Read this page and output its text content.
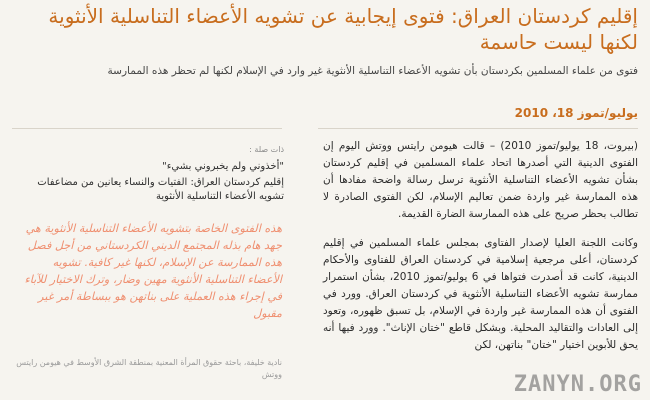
إقليم كردستان العراق: فتوى إيجابية عن تشويه الأعضاء التناسلية الأنثوية لكنها ليست حاسمة
فتوى من علماء المسلمين بكردستان بأن تشويه الأعضاء التناسلية الأنثوية غير وارد في الإسلام لكنها لم تحظر هذه الممارسة
يوليو/تموز 18، 2010

(بيروت، 18 يوليو/تموز 2010) – قالت هيومن رايتس ووتش اليوم إن الفتوى الدينية التي أصدرها اتحاد علماء المسلمين في إقليم كردستان بشأن تشويه الأعضاء التناسلية الأنثوية ترسل رسالة واضحة مفادها أن هذه الممارسة غير واردة ضمن تعاليم الإسلام، لكن الفتوى الصادرة لا تطالب بحظر صريح على هذه الممارسة الضارة القديمة.

وكانت اللجنة العليا لإصدار الفتاوى بمجلس علماء المسلمين في إقليم كردستان، أعلى مرجعية إسلامية في كردستان العراق للفتاوى والأحكام الدينية، كانت قد أصدرت فتواها في 6 يوليو/تموز 2010، بشأن استمرار ممارسة تشويه الأعضاء التناسلية الأنثوية في كردستان العراق. وورد في الفتوى أن هذه الممارسة غير واردة في الإسلام، بل تسبق ظهوره، وتعود إلى العادات والتقاليد المحلية. وبشكل قاطع "ختان الإناث". وورد فيها أنه يحق للأبوين اختيار "ختان" بناتهن، لكن

ذات صلة :
"أخذوني ولم يخبروني بشيء"
إقليم كردستان العراق: الفتيات والنساء يعانين من مضاعفات تشويه الأعضاء التناسلية الأنثوية
هذه الفتوى الخاصة بتشويه الأعضاء التناسلية الأنثوية هي جهد هام بذله المجتمع الديني الكردستاني من أجل فصل هذه الممارسة عن الإسلام، لكنها غير كافية. تشويه الأعضاء التناسلية الأنثوية مهين وضار، وترك الاختيار للآباء في إجراء هذه العملية على بناتهن هو ببساطة أمر غير مقبول
نادية خليفة، باحثة حقوق المرأة المعنية بمنطقة الشرق الأوسط في هيومن رايتس ووتش	ZANYN.ORG
